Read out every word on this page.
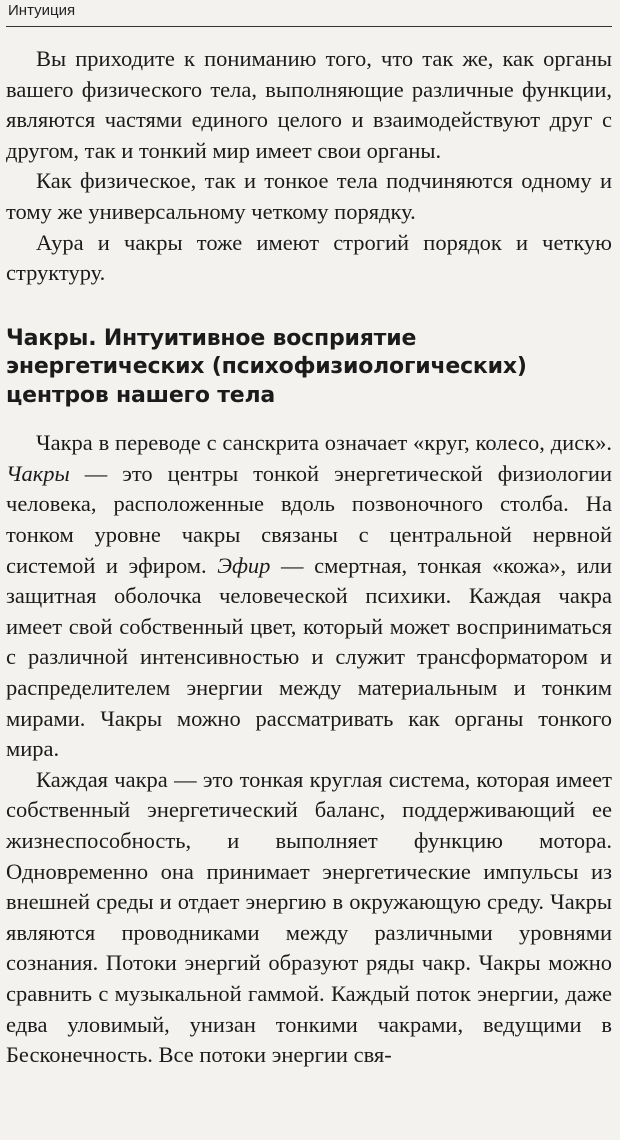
Интуиция

Вы приходите к пониманию того, что так же, как органы вашего физического тела, выполняющие различные функции, являются частями единого целого и взаимодействуют друг с другом, так и тонкий мир имеет свои органы.

Как физическое, так и тонкое тела подчиняются одному и тому же универсальному четкому порядку.

Аура и чакры тоже имеют строгий порядок и четкую структуру.

Чакры. Интуитивное восприятие
энергетических (психофизиологических)
центров нашего тела

Чакра в переводе с санскрита означает «круг, колесо, диск». Чакры — это центры тонкой энергетической физиологии человека, расположенные вдоль позвоночного столба. На тонком уровне чакры связаны с центральной нервной системой и эфиром. Эфир — смертная, тонкая «кожа», или защитная оболочка человеческой психики. Каждая чакра имеет свой собственный цвет, который может восприниматься с различной интенсивностью и служит трансформатором и распределителем энергии между материальным и тонким мирами. Чакры можно рассматривать как органы тонкого мира.

Каждая чакра — это тонкая круглая система, которая имеет собственный энергетический баланс, поддерживающий ее жизнеспособность, и выполняет функцию мотора. Одновременно она принимает энергетические импульсы из внешней среды и отдает энергию в окружающую среду. Чакры являются проводниками между различными уровнями сознания. Потоки энергий образуют ряды чакр. Чакры можно сравнить с музыкальной гаммой. Каждый поток энергии, даже едва уловимый, унизан тонкими чакрами, ведущими в Бесконечность. Все потоки энергии свя-
